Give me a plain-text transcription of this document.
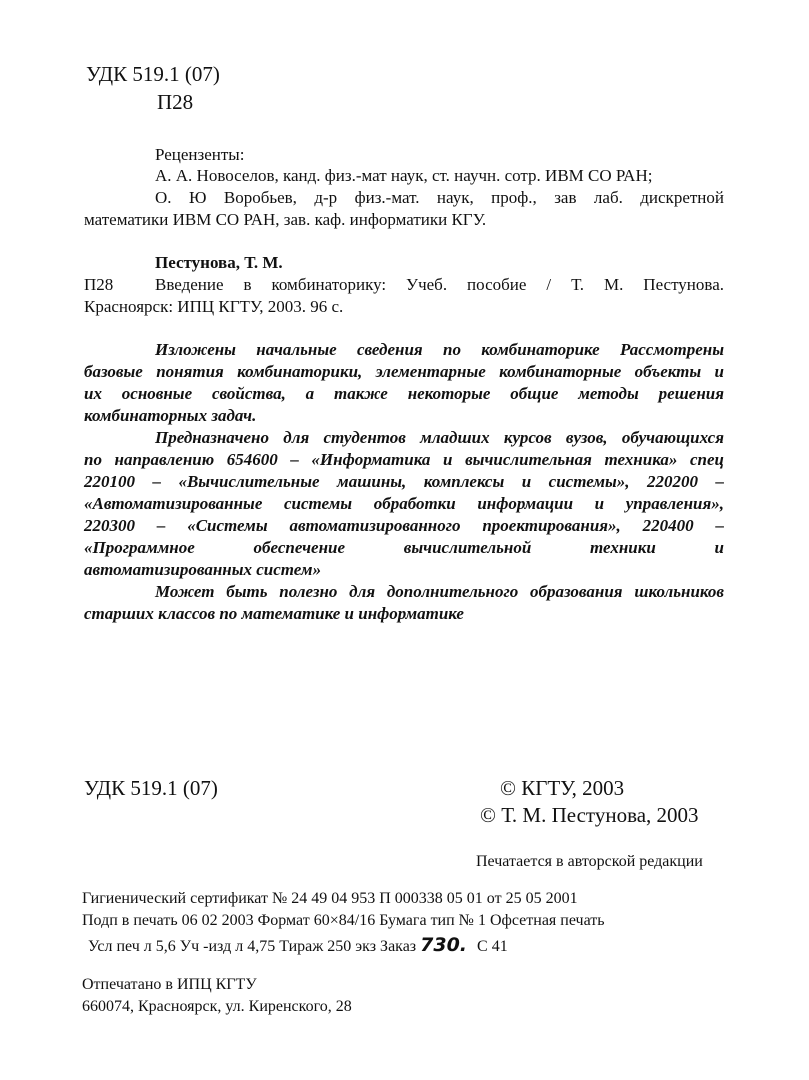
УДК 519.1 (07)
П28
Рецензенты:
А. А. Новоселов, канд. физ.-мат наук, ст. научн. сотр. ИВМ СО РАН;
О. Ю Воробьев, д-р физ.-мат. наук, проф., зав лаб. дискретной
математики ИВМ СО РАН, зав. каф. информатики КГУ.
Пестунова, Т. М.
П28 Введение в комбинаторику: Учеб. пособие / Т. М. Пестунова.
Красноярск: ИПЦ КГТУ, 2003. 96 с.
Изложены начальные сведения по комбинаторике Рассмотрены
базовые понятия комбинаторики, элементарные комбинаторные объекты и
их основные свойства, а также некоторые общие методы решения
комбинаторных задач.
Предназначено для студентов младших курсов вузов, обучающихся
по направлению 654600 – «Информатика и вычислительная техника» спец
220100 – «Вычислительные машины, комплексы и системы», 220200 –
«Автоматизированные системы обработки информации и управления»,
220300 – «Системы автоматизированного проектирования», 220400 –
«Программное обеспечение вычислительной техники и
автоматизированных систем»
Может быть полезно для дополнительного образования школьников
старших классов по математике и информатике
УДК 519.1 (07)	© КГТУ, 2003
© Т. М. Пестунова, 2003
Печатается в авторской редакции
Гигиенический сертификат № 24 49 04 953 П 000338 05 01 от 25 05 2001
Подп в печать 06 02 2003 Формат 60×84/16 Бумага тип № 1 Офсетная печать
Усл печ л 5,6 Уч -изд л 4,75 Тираж 250 экз Заказ 730. С 41
Отпечатано в ИПЦ КГТУ
660074, Красноярск, ул. Киренского, 28
